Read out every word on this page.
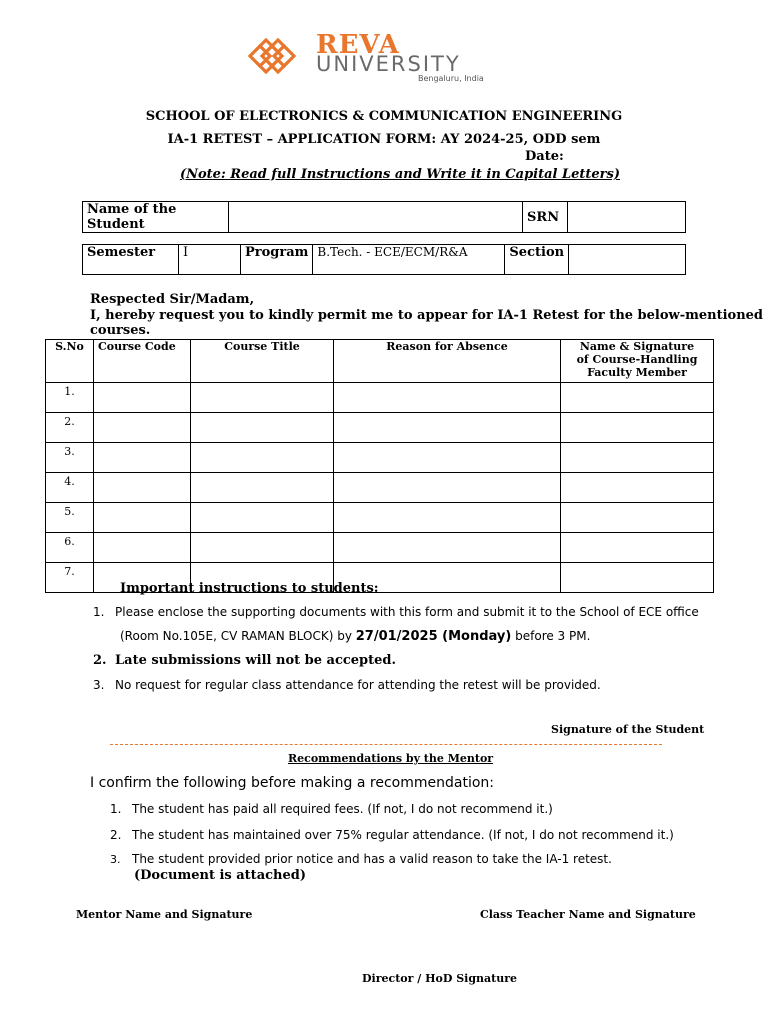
REVA
UNIVERSITY
Bengaluru, India
SCHOOL OF ELECTRONICS & COMMUNICATION ENGINEERING
IA-1 RETEST – APPLICATION FORM: AY 2024-25, ODD sem
Date:
(Note: Read full Instructions and Write it in Capital Letters)
Name of the Student		SRN	
Semester	I	Program	B.Tech. - ECE/ECM/R&A	Section	
Respected Sir/Madam,
I, hereby request you to kindly permit me to appear for IA-1 Retest for the below-mentioned
courses.
S.No	Course Code	Course Title	Reason for Absence	Name & Signature
of Course-Handling
Faculty Member

1.				
2.				
3.				
4.				
5.				
6.				
7.				
Important instructions to students:
1. Please enclose the supporting documents with this form and submit it to the School of ECE office
(Room No.105E, CV RAMAN BLOCK) by 27/01/2025 (Monday) before 3 PM.
2. Late submissions will not be accepted.
3. No request for regular class attendance for attending the retest will be provided.
Signature of the Student
Recommendations by the Mentor
I confirm the following before making a recommendation:
1. The student has paid all required fees. (If not, I do not recommend it.)
2. The student has maintained over 75% regular attendance. (If not, I do not recommend it.)
3. The student provided prior notice and has a valid reason to take the IA-1 retest.
(Document is attached)
Mentor Name and Signature	Class Teacher Name and Signature
Director / HoD Signature
